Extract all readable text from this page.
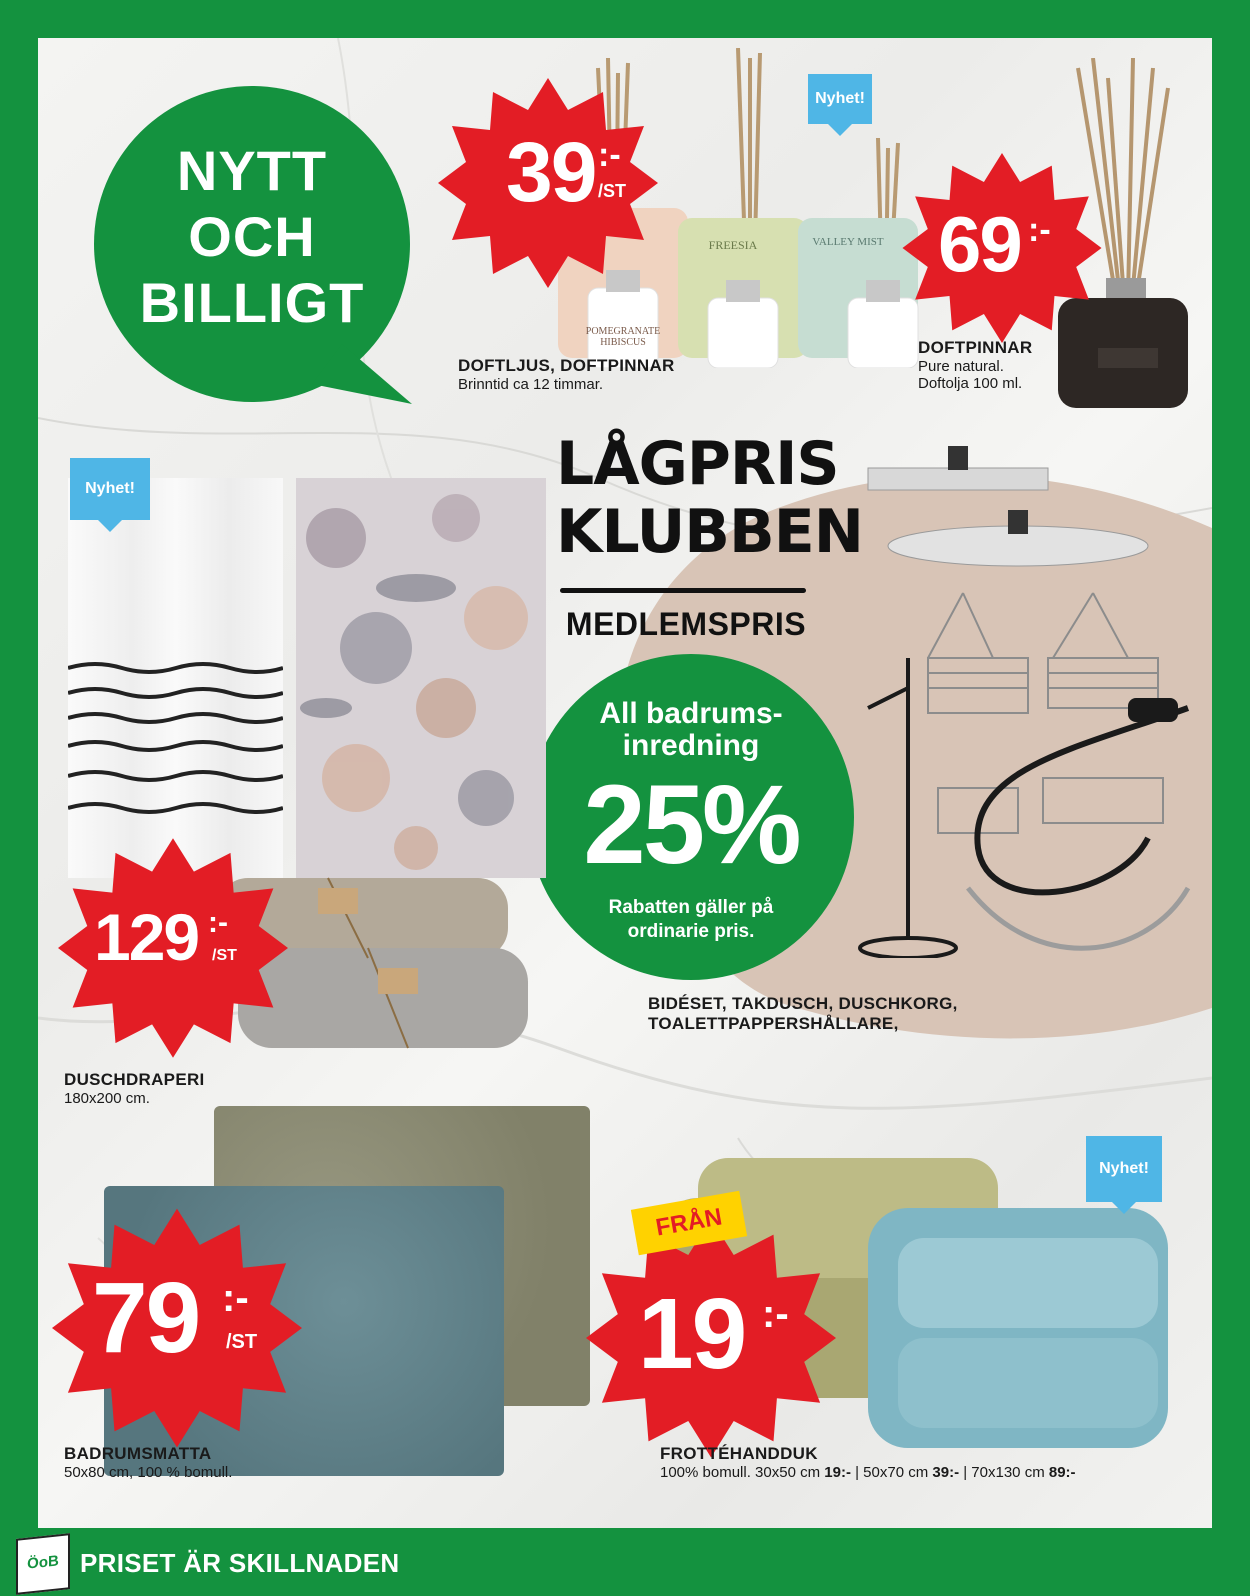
NYTT
OCH
BILLIGT	POMEGRANATE HIBISCUS
FREESIA	VALLEY MIST
39 :-
/ST
Nyhet!
DOFTLJUS, DOFTPINNAR
Brinntid ca 12 timmar.
69 :-
DOFTPINNAR
Pure natural.
Doftolja 100 ml.
LÅGPRIS
KLUBBEN
MEDLEMSPRIS
All badrums-
inredning
25%
Rabatten gäller på
ordinarie pris.
BIDÉSET, TAKDUSCH, DUSCHKORG,
TOALETTPAPPERSHÅLLARE,
Nyhet!
129 :-
/ST
DUSCHDRAPERI
180x200 cm.
79 :-
/ST
BADRUMSMATTA
50x80 cm, 100 % bomull.
Nyhet!
19 :-
FRÅN
FROTTÉHANDDUK
100% bomull. 30x50 cm 19:- | 50x70 cm 39:- | 70x130 cm 89:-
ÖoB PRISET ÄR SKILLNADEN
